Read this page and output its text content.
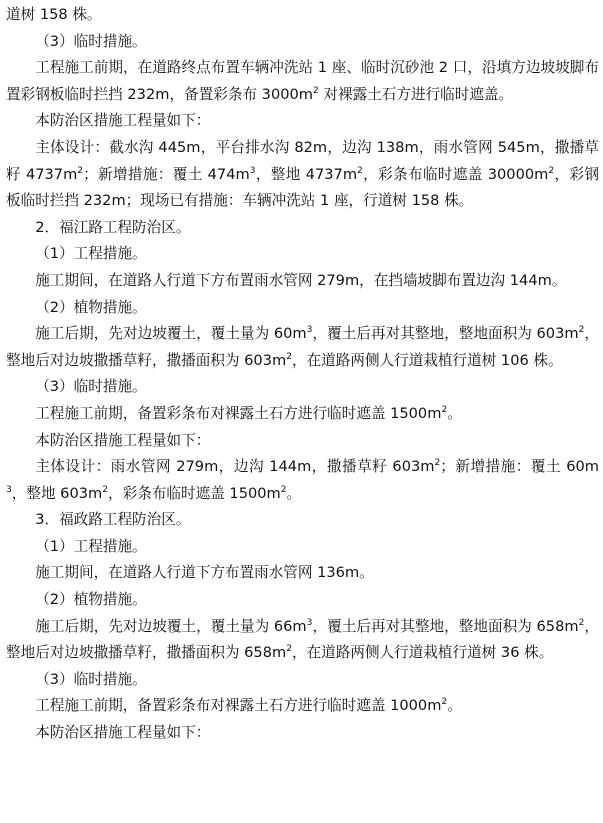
道树 158 株。

（3）临时措施。

工程施工前期，在道路终点布置车辆冲洗站 1 座、临时沉砂池 2 口，沿填方边坡坡脚布置彩钢板临时拦挡 232m，备置彩条布 $3000m^2$ 对裸露土石方进行临时遮盖。

本防治区措施工程量如下：

主体设计：截水沟 445m，平台排水沟 82m，边沟 138m，雨水管网 545m，撒播草籽 $4737m^2$；新增措施：覆土 $474m^3$，整地 $4737m^2$，彩条布临时遮盖 $30000m^2$，彩钢板临时拦挡 232m；现场已有措施：车辆冲洗站 1 座，行道树 158 株。

2．福江路工程防治区。

（1）工程措施。

施工期间，在道路人行道下方布置雨水管网 279m，在挡墙坡脚布置边沟 144m。

（2）植物措施。

施工后期，先对边坡覆土，覆土量为 $60m^3$，覆土后再对其整地，整地面积为 $603m^2$，整地后对边坡撒播草籽，撒播面积为 $603m^2$，在道路两侧人行道栽植行道树 106 株。

（3）临时措施。

工程施工前期，备置彩条布对裸露土石方进行临时遮盖 $1500m^2$。

本防治区措施工程量如下：

主体设计：雨水管网 279m，边沟 144m，撒播草籽 $603m^2$；新增措施：覆土 $60m^3$，整地 $603m^2$，彩条布临时遮盖 $1500m^2$。

3．福政路工程防治区。

（1）工程措施。

施工期间，在道路人行道下方布置雨水管网 136m。

（2）植物措施。

施工后期，先对边坡覆土，覆土量为 $66m^3$，覆土后再对其整地，整地面积为 $658m^2$，整地后对边坡撒播草籽，撒播面积为 $658m^2$，在道路两侧人行道栽植行道树 36 株。

（3）临时措施。

工程施工前期，备置彩条布对裸露土石方进行临时遮盖 $1000m^2$。

本防治区措施工程量如下：
